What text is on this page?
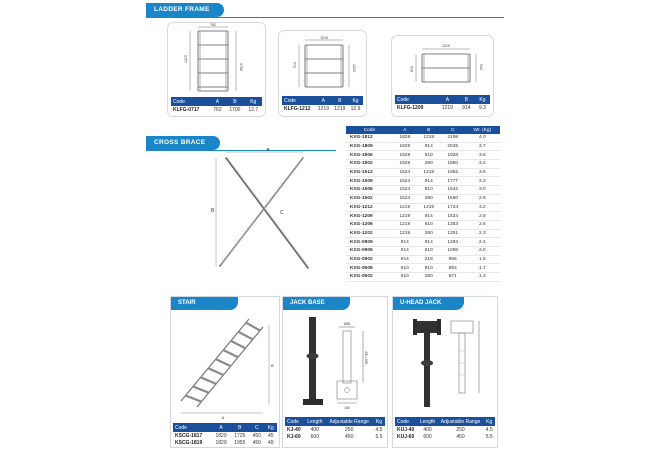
LADDER FRAME
762
1700
1219
Code	A	B	Kg
KLFG-0717	762	1700	12.7
1219
1219
914
Code	A	B	Kg
KLFG-1212	1219	1219	12.9
1219
914
610
Code	A	B	Kg
KLFG-1209	1219	914	9.3
CROSS BRACE
A
B	C
Code	A	B	C	Wt. (Kg)
KXG-1812	1829	1219	2198	4.0
KXG-1809	1829	914	2045	3.7
KXG-1806	1829	610	1928	3.5
KXG-1802	1829	280	1860	3.4
KXG-1512	1524	1219	1952	3.6
KXG-1509	1524	914	1777	3.3
KXG-1506	1524	610	1642	3.0
KXG-1502	1524	280	1550	2.8
KXG-1212	1219	1219	1724	3.2
KXG-1209	1219	914	1524	2.8
KXG-1206	1219	610	1363	2.5
KXG-1202	1219	280	1251	2.3
KXG-0909	914	914	1293	2.4
KXG-0906	914	610	1098	2.0
KXG-0902	914	218	956	1.8
KXG-0606	610	610	863	1.7
KXG-0602	610	280	671	1.3
STAIR
A
B
Code	A	B	C	Kg
KSCG-1817	1829	1725	450	45
KSCG-1819	1829	1955	450	49
JACK BASE
Ø38
400 / 600
150
Code	Length	Adjustable Range	Kg
KJ-40	400	250	4.5
KJ-60	600	450	5.5
U-HEAD JACK
Code	Length	Adjustable Range	Kg
KUJ-40	400	250	4.5
KUJ-60	600	450	5.5
